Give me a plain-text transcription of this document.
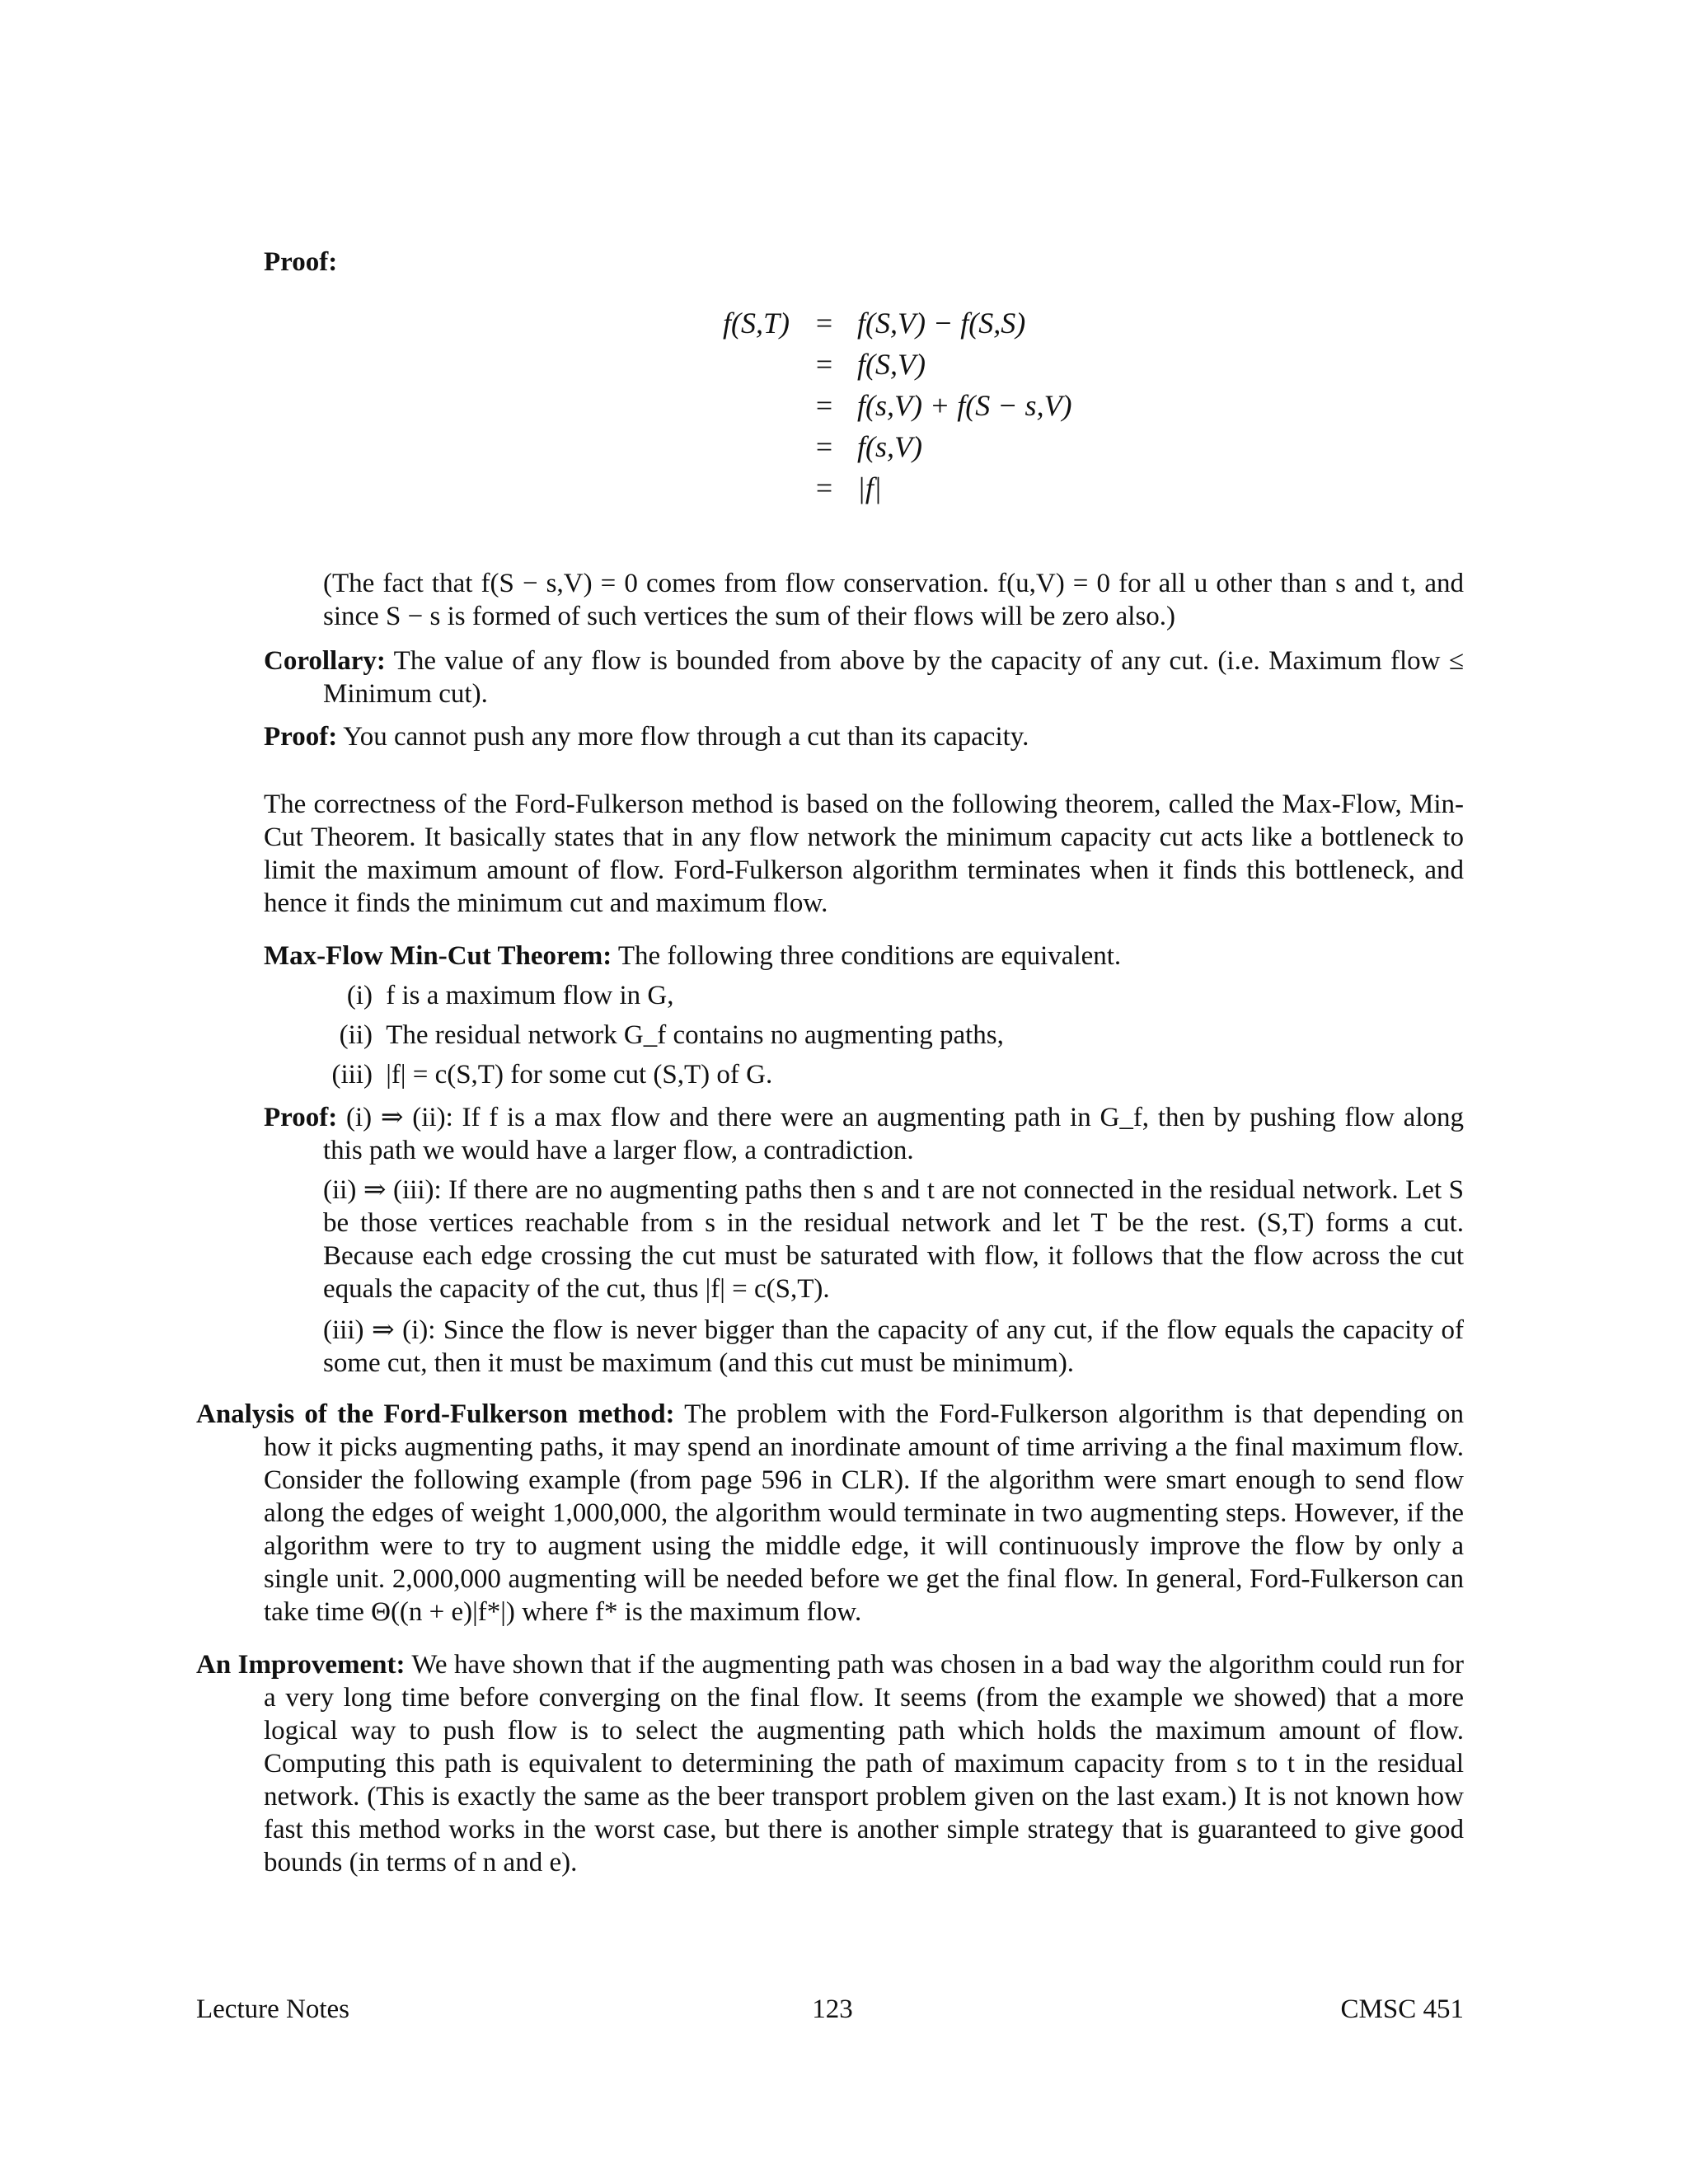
Proof:
f(S,T) = f(S,V) − f(S,S)
= f(S,V)
= f(s,V) + f(S − s,V)
= f(s,V)
= |f|
(The fact that f(S − s,V) = 0 comes from flow conservation. f(u,V) = 0 for all u other than s and t, and since S − s is formed of such vertices the sum of their flows will be zero also.)
Corollary: The value of any flow is bounded from above by the capacity of any cut. (i.e. Maximum flow ≤ Minimum cut).
Proof: You cannot push any more flow through a cut than its capacity.
The correctness of the Ford-Fulkerson method is based on the following theorem, called the Max-Flow, Min-Cut Theorem. It basically states that in any flow network the minimum capacity cut acts like a bottleneck to limit the maximum amount of flow. Ford-Fulkerson algorithm terminates when it finds this bottleneck, and hence it finds the minimum cut and maximum flow.
Max-Flow Min-Cut Theorem: The following three conditions are equivalent.
(i) f is a maximum flow in G,
(ii) The residual network G_f contains no augmenting paths,
(iii) |f| = c(S,T) for some cut (S,T) of G.
Proof: (i) ⇒ (ii): If f is a max flow and there were an augmenting path in G_f, then by pushing flow along this path we would have a larger flow, a contradiction.
(ii) ⇒ (iii): If there are no augmenting paths then s and t are not connected in the residual network. Let S be those vertices reachable from s in the residual network and let T be the rest. (S,T) forms a cut. Because each edge crossing the cut must be saturated with flow, it follows that the flow across the cut equals the capacity of the cut, thus |f| = c(S,T).
(iii) ⇒ (i): Since the flow is never bigger than the capacity of any cut, if the flow equals the capacity of some cut, then it must be maximum (and this cut must be minimum).
Analysis of the Ford-Fulkerson method: The problem with the Ford-Fulkerson algorithm is that depending on how it picks augmenting paths, it may spend an inordinate amount of time arriving a the final maximum flow. Consider the following example (from page 596 in CLR). If the algorithm were smart enough to send flow along the edges of weight 1,000,000, the algorithm would terminate in two augmenting steps. However, if the algorithm were to try to augment using the middle edge, it will continuously improve the flow by only a single unit. 2,000,000 augmenting will be needed before we get the final flow. In general, Ford-Fulkerson can take time Θ((n + e)|f*|) where f* is the maximum flow.
An Improvement: We have shown that if the augmenting path was chosen in a bad way the algorithm could run for a very long time before converging on the final flow. It seems (from the example we showed) that a more logical way to push flow is to select the augmenting path which holds the maximum amount of flow. Computing this path is equivalent to determining the path of maximum capacity from s to t in the residual network. (This is exactly the same as the beer transport problem given on the last exam.) It is not known how fast this method works in the worst case, but there is another simple strategy that is guaranteed to give good bounds (in terms of n and e).
Lecture Notes	123	CMSC 451
